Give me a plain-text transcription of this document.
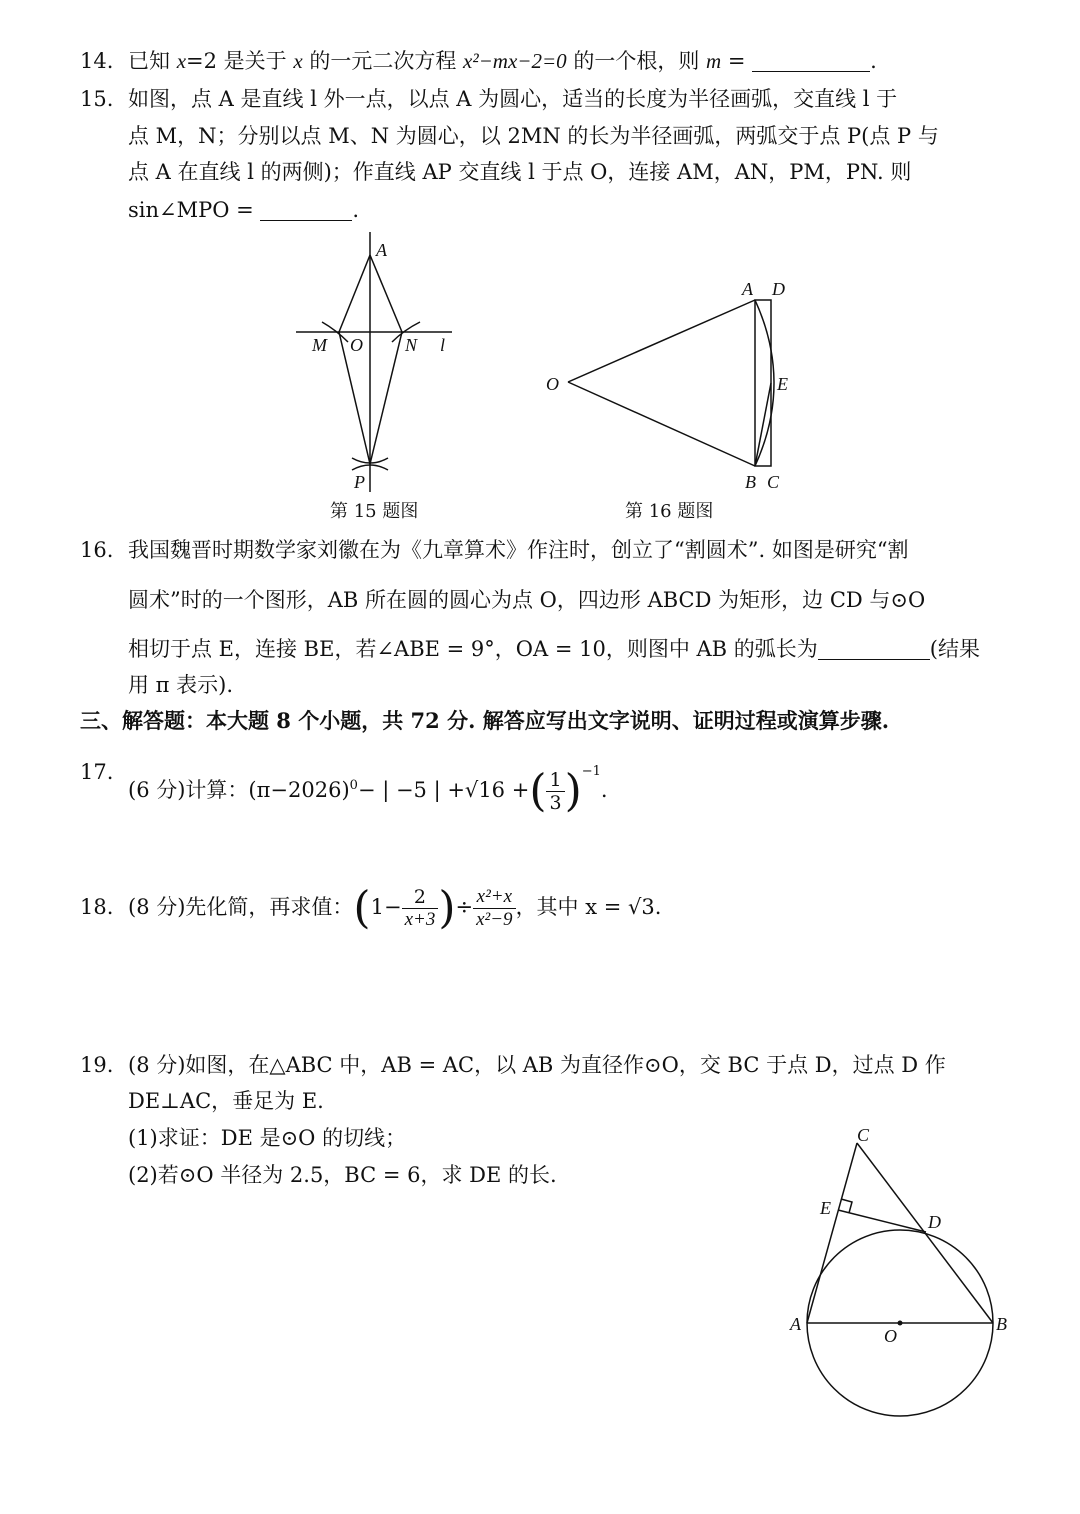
14. 已知 x=2 是关于 x 的一元二次方程 x²−mx−2=0 的一个根，则 m =	.
15. 如图，点 A 是直线 l 外一点，以点 A 为圆心，适当的长度为半径画弧，交直线 l 于
点 M，N；分别以点 M、N 为圆心，以 2MN 的长为半径画弧，两弧交于点 P(点 P 与
点 A 在直线 l 的两侧)；作直线 AP 交直线 l 于点 O，连接 AM，AN，PM，PN. 则
sin∠MPO =	.
A
M O N l
P
第 15 题图
A D
O	E
B C
第 16 题图
16. 我国魏晋时期数学家刘徽在为《九章算术》作注时，创立了“割圆术”. 如图是研究“割
圆术”时的一个图形，AB 所在圆的圆心为点 O，四边形 ABCD 为矩形，边 CD 与⊙O
相切于点 E，连接 BE，若∠ABE = 9°，OA = 10，则图中 AB 的弧长为	(结果
用 π 表示).
三、解答题：本大题 8 个小题，共 72 分. 解答应写出文字说明、证明过程或演算步骤.
17.
(6 分)计算：$(\pi-2026)^0-$ | −5 | +√16 +( $\frac{1}{3} )^{-1}$.
18. (8 分)先化简，再求值：($1- \frac{2}{x+3}$ )÷ $\frac{\text{x²+x}}{\text{x²−9}}$ ，其中 x = √3.
19. (8 分)如图，在△ABC 中，AB = AC，以 AB 为直径作⊙O，交 BC 于点 D，过点 D 作
DE⊥AC，垂足为 E.
(1)求证：DE 是⊙O 的切线；
(2)若⊙O 半径为 2.5，BC = 6，求 DE 的长.
C
E
D
A
O
B
